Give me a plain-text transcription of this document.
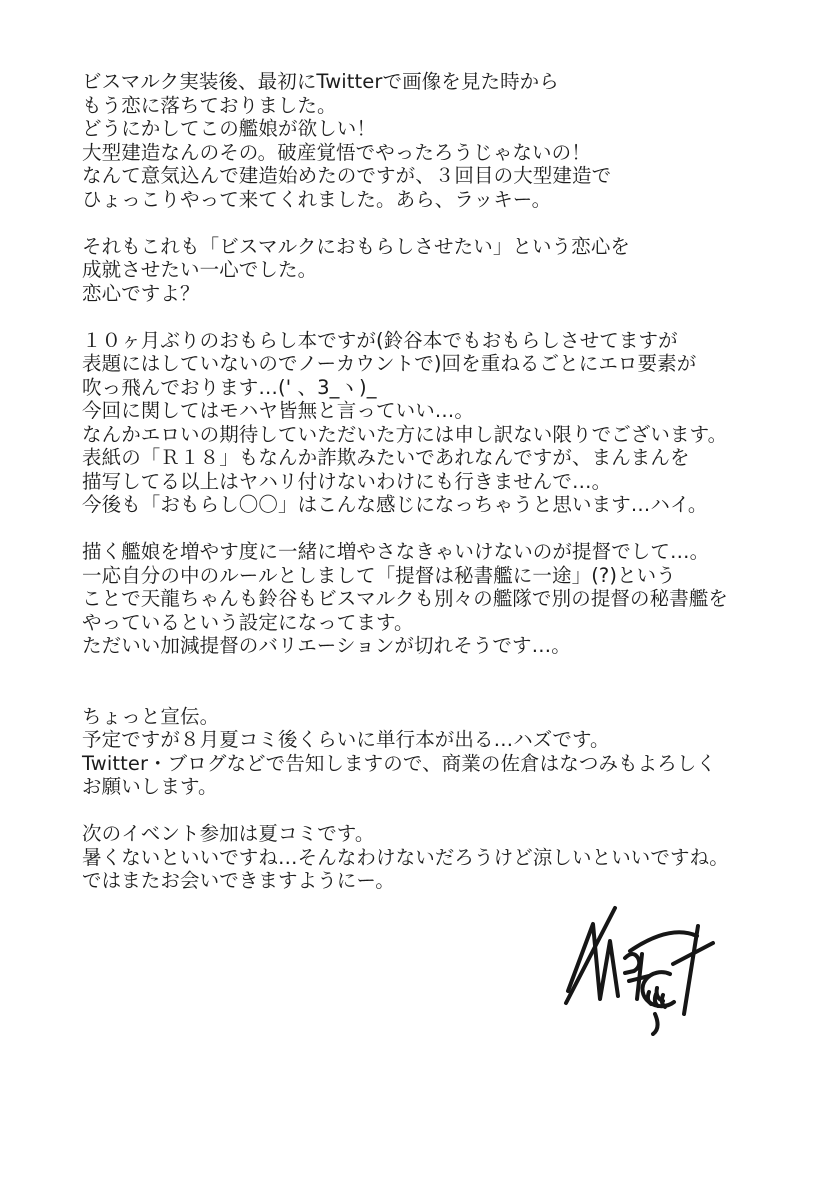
ビスマルク実装後、最初にTwitterで画像を見た時から
もう恋に落ちておりました。
どうにかしてこの艦娘が欲しい！
大型建造なんのその。破産覚悟でやったろうじゃないの！
なんて意気込んで建造始めたのですが、３回目の大型建造で
ひょっこりやって来てくれました。あら、ラッキー。
それもこれも「ビスマルクにおもらしさせたい」という恋心を
成就させたい一心でした。
恋心ですよ？
１０ヶ月ぶりのおもらし本ですが(鈴谷本でもおもらしさせてますが
表題にはしていないのでノーカウントで)回を重ねるごとにエロ要素が
吹っ飛んでおります…(' 、3_ヽ)_
今回に関してはモハヤ皆無と言っていい…。
なんかエロいの期待していただいた方には申し訳ない限りでございます。
表紙の「Ｒ１８」もなんか詐欺みたいであれなんですが、まんまんを
描写してる以上はヤハリ付けないわけにも行きませんで…。
今後も「おもらし〇〇」はこんな感じになっちゃうと思います…ハイ。
描く艦娘を増やす度に一緒に増やさなきゃいけないのが提督でして…。
一応自分の中のルールとしまして「提督は秘書艦に一途」(?)という
ことで天龍ちゃんも鈴谷もビスマルクも別々の艦隊で別の提督の秘書艦を
やっているという設定になってます。
ただいい加減提督のバリエーションが切れそうです…。
ちょっと宣伝。
予定ですが８月夏コミ後くらいに単行本が出る…ハズです。
Twitter・ブログなどで告知しますので、商業の佐倉はなつみもよろしく
お願いします。
次のイベント参加は夏コミです。
暑くないといいですね…そんなわけないだろうけど涼しいといいですね。
ではまたお会いできますようにー。
